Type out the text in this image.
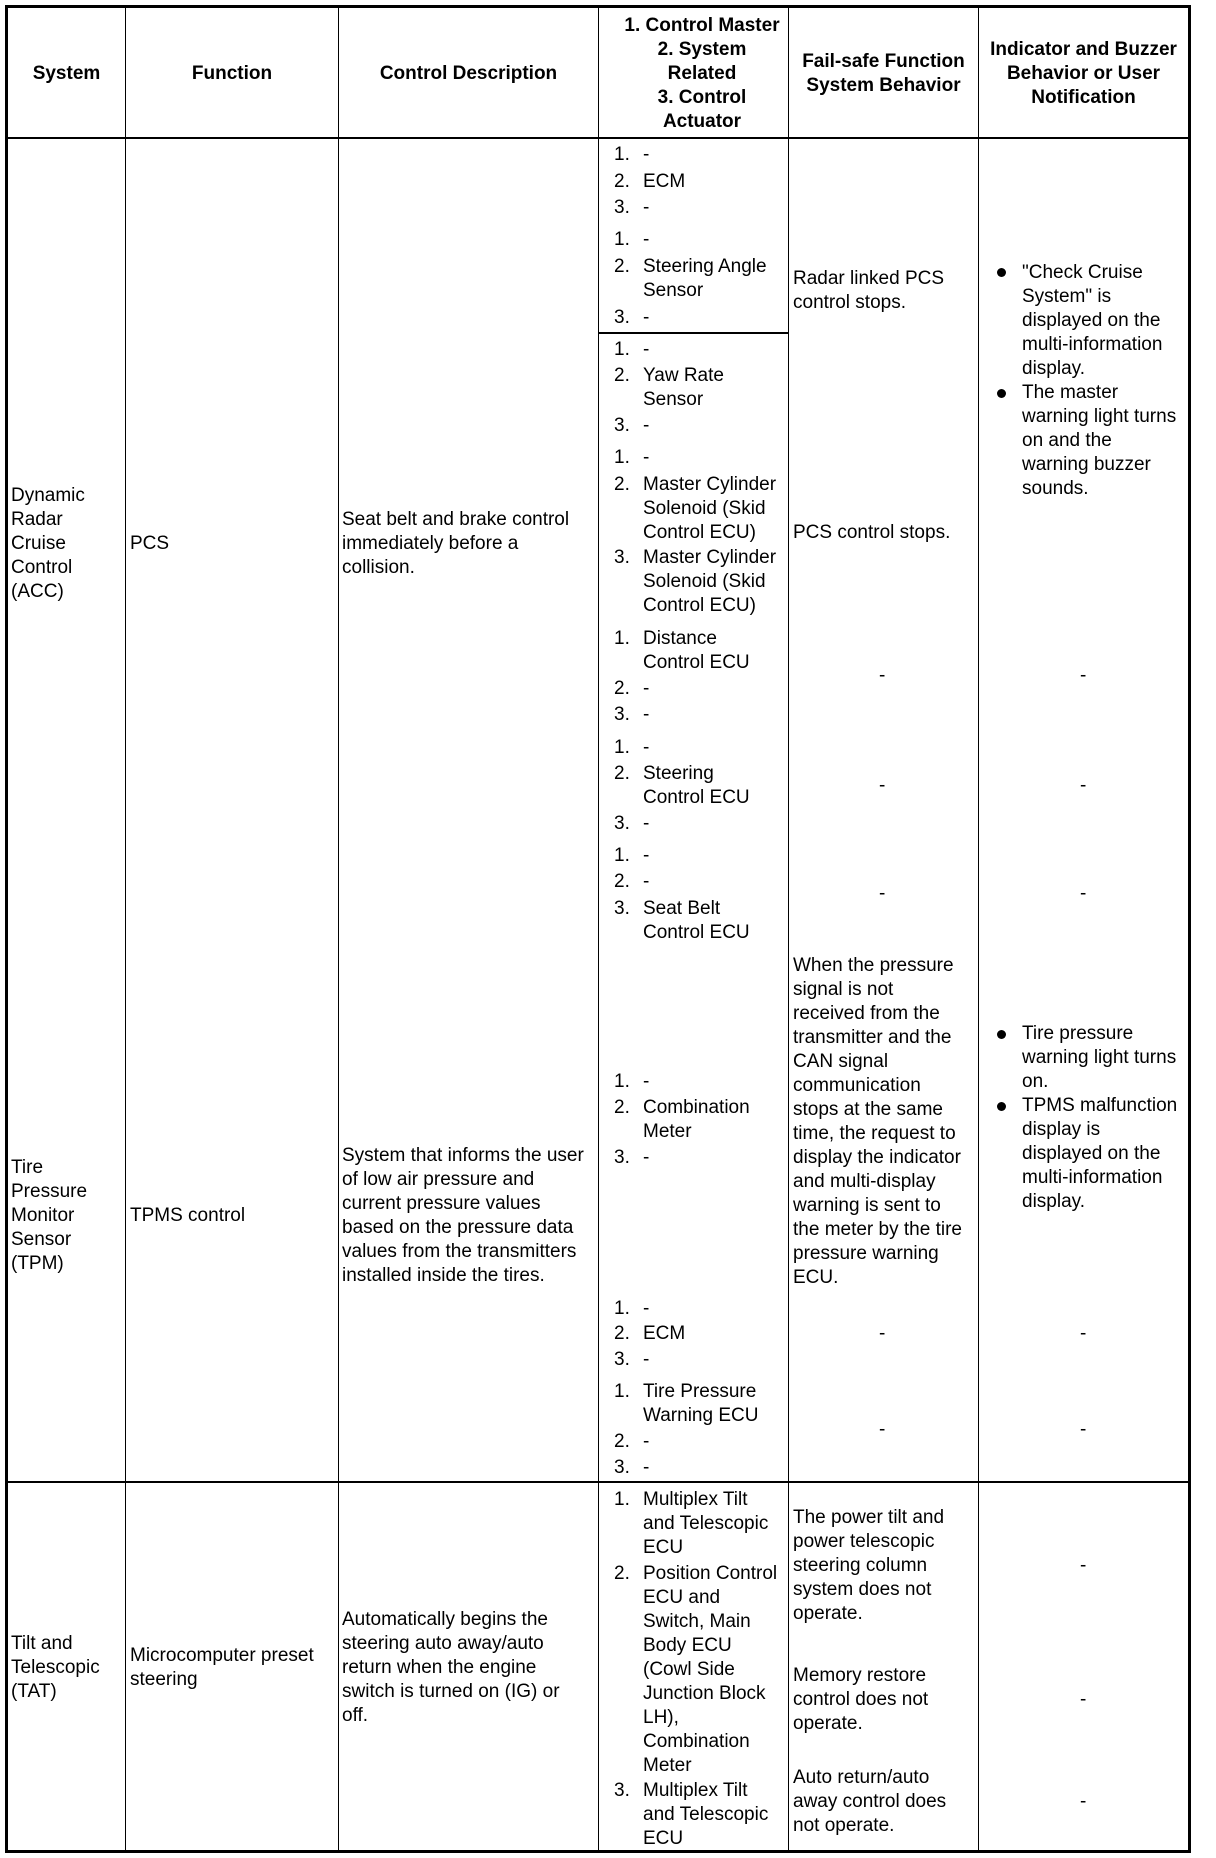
System	Function	Control Description
1. Control Master
2. System
Related
3. Control
Actuator
Fail-safe Function
System Behavior
Indicator and Buzzer
Behavior or User
Notification
Dynamic
Radar
Cruise
Control
(ACC)
PCS
Seat belt and brake control
immediately before a
collision.
1. -
2. ECM
3. -
1. -
2. Steering Angle
Sensor
3. -
1. -
2. Yaw Rate
Sensor
3. -
1. -
2. Master Cylinder
Solenoid (Skid
Control ECU)
3. Master Cylinder
Solenoid (Skid
Control ECU)
1. Distance
Control ECU
2. -
3. -
1. -
2. Steering
Control ECU
3. -
1. -
2. -
3. Seat Belt
Control ECU
Radar linked PCS
control stops.
PCS control stops.
-
-
-
"Check Cruise
System" is
displayed on the
multi-information
display.
The master
warning light turns
on and the
warning buzzer
sounds.
-
-
-
Tire
Pressure
Monitor
Sensor
(TPM)
TPMS control
System that informs the user
of low air pressure and
current pressure values
based on the pressure data
values from the transmitters
installed inside the tires.
1. -
2. Combination
Meter
3. -
1. -
2. ECM
3. -
1. Tire Pressure
Warning ECU
2. -
3. -
When the pressure
signal is not
received from the
transmitter and the
CAN signal
communication
stops at the same
time, the request to
display the indicator
and multi-display
warning is sent to
the meter by the tire
pressure warning
ECU.
-
-
Tire pressure
warning light turns
on.
TPMS malfunction
display is
displayed on the
multi-information
display.
-
-
Tilt and
Telescopic
(TAT)
Microcomputer preset
steering
Automatically begins the
steering auto away/auto
return when the engine
switch is turned on (IG) or
off.
1. Multiplex Tilt
and Telescopic
ECU
2. Position Control
ECU and
Switch, Main
Body ECU
(Cowl Side
Junction Block
LH),
Combination
Meter
3. Multiplex Tilt
and Telescopic
ECU
The power tilt and
power telescopic
steering column
system does not
operate.
Memory restore
control does not
operate.
Auto return/auto
away control does
not operate.
-
-
-
